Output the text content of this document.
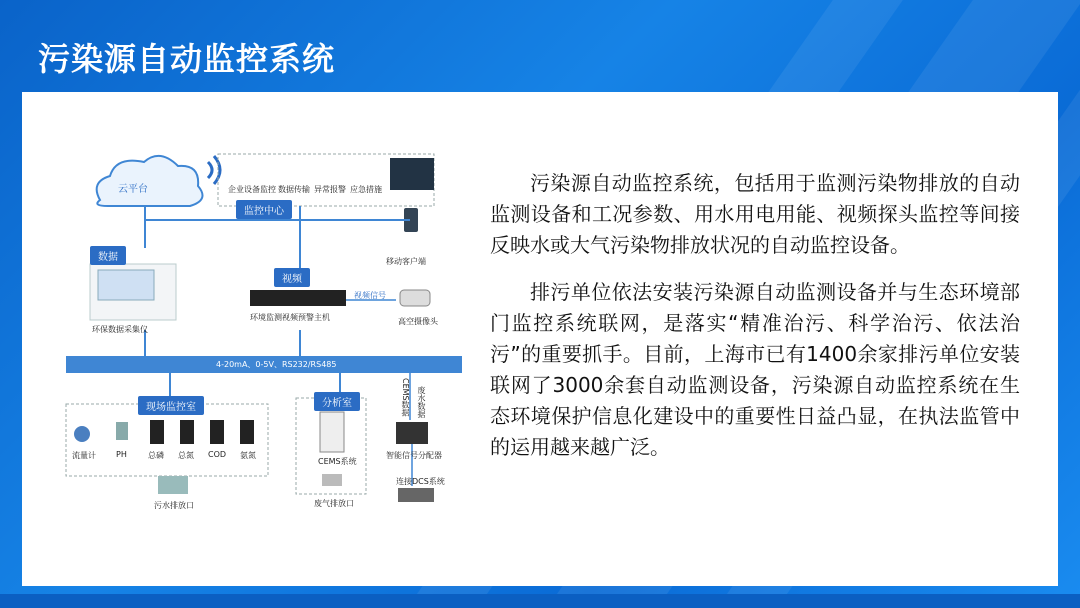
污染源自动监控系统
云平台
监控中心
企业设备监控 数据传输 异常报警 应急措施
移动客户端
数据
环保数据采集仪
视频
环境监测视频预警主机
视频信号
高空摄像头
4-20mA、0-5V、RS232/RS485
现场监控室
流量计	PH	总磷 总氮 COD 氨氮
污水排放口
分析室
CEMS系统
废气排放口
CEMS数据 废水数据
智能信号分配器
连接DCS系统

污染源自动监控系统，包括用于监测污染物排放的自动监测设备和工况参数、用水用电用能、视频探头监控等间接反映水或大气污染物排放状况的自动监控设备。

排污单位依法安装污染源自动监测设备并与生态环境部门监控系统联网，是落实“精准治污、科学治污、依法治污”的重要抓手。目前，上海市已有1400余家排污单位安装联网了3000余套自动监测设备，污染源自动监控系统在生态环境保护信息化建设中的重要性日益凸显，在执法监管中的运用越来越广泛。
